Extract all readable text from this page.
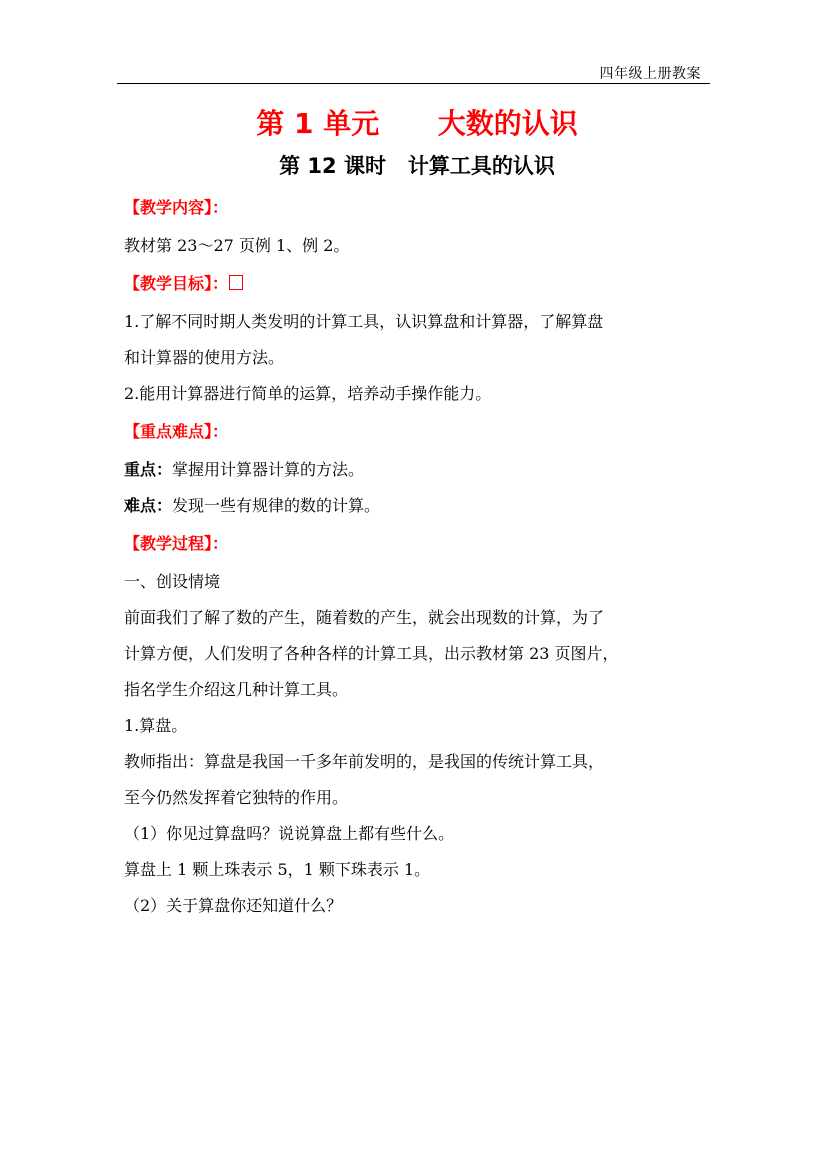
四年级上册教案
第 1 单元      大数的认识
第 12 课时   计算工具的认识
【教学内容】：

教材第 23～27 页例 1、例 2。

【教学目标】：

1.了解不同时期人类发明的计算工具，认识算盘和计算器，了解算盘

和计算器的使用方法。

2.能用计算器进行简单的运算，培养动手操作能力。

【重点难点】：

重点：掌握用计算器计算的方法。

难点：发现一些有规律的数的计算。

【教学过程】：

一、创设情境

前面我们了解了数的产生，随着数的产生，就会出现数的计算，为了

计算方便，人们发明了各种各样的计算工具，出示教材第 23 页图片，

指名学生介绍这几种计算工具。

1.算盘。

教师指出：算盘是我国一千多年前发明的，是我国的传统计算工具，

至今仍然发挥着它独特的作用。

（1）你见过算盘吗？说说算盘上都有些什么。

算盘上 1 颗上珠表示 5，1 颗下珠表示 1。

（2）关于算盘你还知道什么？
